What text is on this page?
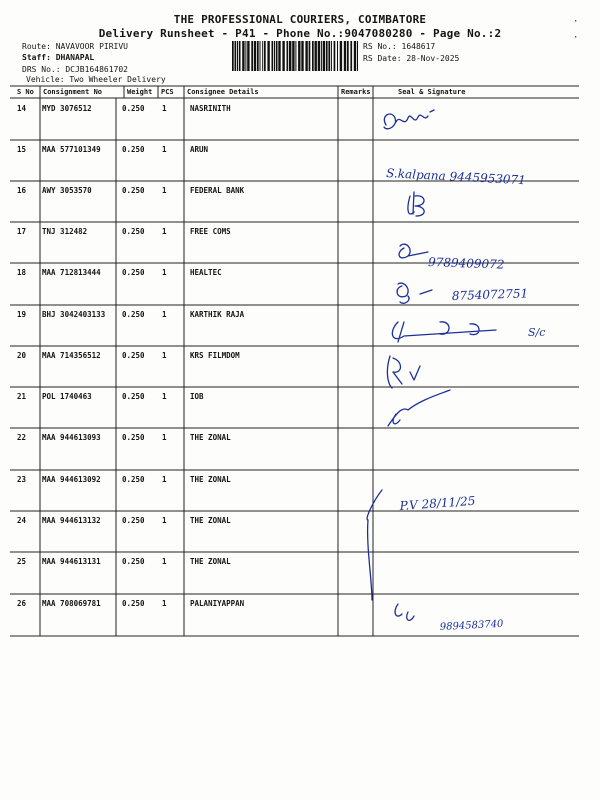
THE PROFESSIONAL COURIERS, COIMBATORE
Delivery Runsheet - P41 - Phone No.:9047080280 - Page No.:2
Route: NAVAVOOR PIRIVU
Staff: DHANAPAL
DRS No.: DCJB164861702
Vehicle: Two Wheeler Delivery
RS No.: 1648617
RS Date: 28-Nov-2025
·
·
S No Consignment No	Weight PCS Consignee Details	Remarks	Seal & Signature
14 MYD 3076512	0.250 1	NASRINITH
15 MAA 577101349	0.250 1	ARUN
16 AWY 3053570	0.250 1	FEDERAL BANK
17 TNJ 312482	0.250 1	FREE COMS
18 MAA 712813444	0.250 1	HEALTEC
19 BHJ 3042403133 0.250 1	KARTHIK RAJA
20 MAA 714356512	0.250 1	KRS FILMDOM
21 POL 1740463	0.250 1	IOB
22 MAA 944613093	0.250 1	THE ZONAL
23 MAA 944613092	0.250 1	THE ZONAL
24 MAA 944613132	0.250 1	THE ZONAL
25 MAA 944613131	0.250 1	THE ZONAL
26 MAA 708069781	0.250 1	PALANIYAPPAN
S.kalpana 9445953071
9789409072
8754072751
S/c
P.V 28/11/25
9894583740
